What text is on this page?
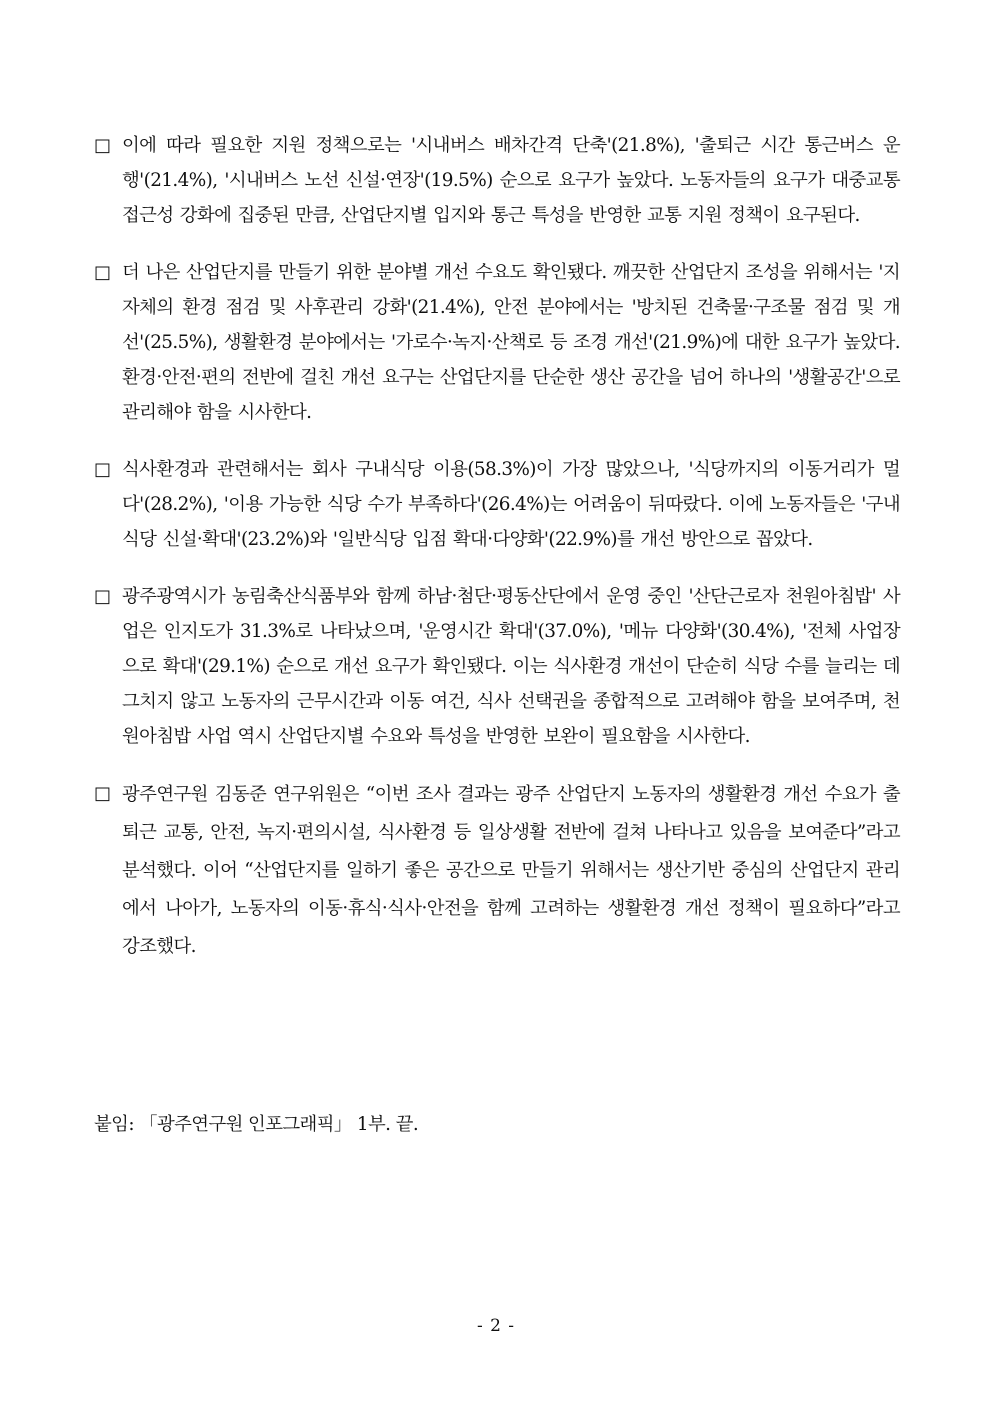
□ 이에 따라 필요한 지원 정책으로는 '시내버스 배차간격 단축'(21.8%), '출퇴근 시간 통근버스 운행'(21.4%), '시내버스 노선 신설·연장'(19.5%) 순으로 요구가 높았다. 노동자들의 요구가 대중교통 접근성 강화에 집중된 만큼, 산업단지별 입지와 통근 특성을 반영한 교통 지원 정책이 요구된다.

□ 더 나은 산업단지를 만들기 위한 분야별 개선 수요도 확인됐다. 깨끗한 산업단지 조성을 위해서는 '지자체의 환경 점검 및 사후관리 강화'(21.4%), 안전 분야에서는 '방치된 건축물·구조물 점검 및 개선'(25.5%), 생활환경 분야에서는 '가로수·녹지·산책로 등 조경 개선'(21.9%)에 대한 요구가 높았다. 환경·안전·편의 전반에 걸친 개선 요구는 산업단지를 단순한 생산 공간을 넘어 하나의 '생활공간'으로 관리해야 함을 시사한다.

□ 식사환경과 관련해서는 회사 구내식당 이용(58.3%)이 가장 많았으나, '식당까지의 이동거리가 멀다'(28.2%), '이용 가능한 식당 수가 부족하다'(26.4%)는 어려움이 뒤따랐다. 이에 노동자들은 '구내식당 신설·확대'(23.2%)와 '일반식당 입점 확대·다양화'(22.9%)를 개선 방안으로 꼽았다.

□ 광주광역시가 농림축산식품부와 함께 하남·첨단·평동산단에서 운영 중인 '산단근로자 천원아침밥' 사업은 인지도가 31.3%로 나타났으며, '운영시간 확대'(37.0%), '메뉴 다양화'(30.4%), '전체 사업장으로 확대'(29.1%) 순으로 개선 요구가 확인됐다. 이는 식사환경 개선이 단순히 식당 수를 늘리는 데 그치지 않고 노동자의 근무시간과 이동 여건, 식사 선택권을 종합적으로 고려해야 함을 보여주며, 천원아침밥 사업 역시 산업단지별 수요와 특성을 반영한 보완이 필요함을 시사한다.

□ 광주연구원 김동준 연구위원은 “이번 조사 결과는 광주 산업단지 노동자의 생활환경 개선 수요가 출퇴근 교통, 안전, 녹지·편의시설, 식사환경 등 일상생활 전반에 걸쳐 나타나고 있음을 보여준다”라고 분석했다. 이어 “산업단지를 일하기 좋은 공간으로 만들기 위해서는 생산기반 중심의 산업단지 관리에서 나아가, 노동자의 이동·휴식·식사·안전을 함께 고려하는 생활환경 개선 정책이 필요하다”라고 강조했다.

붙임: 「광주연구원 인포그래픽」 1부. 끝.
- 2 -
